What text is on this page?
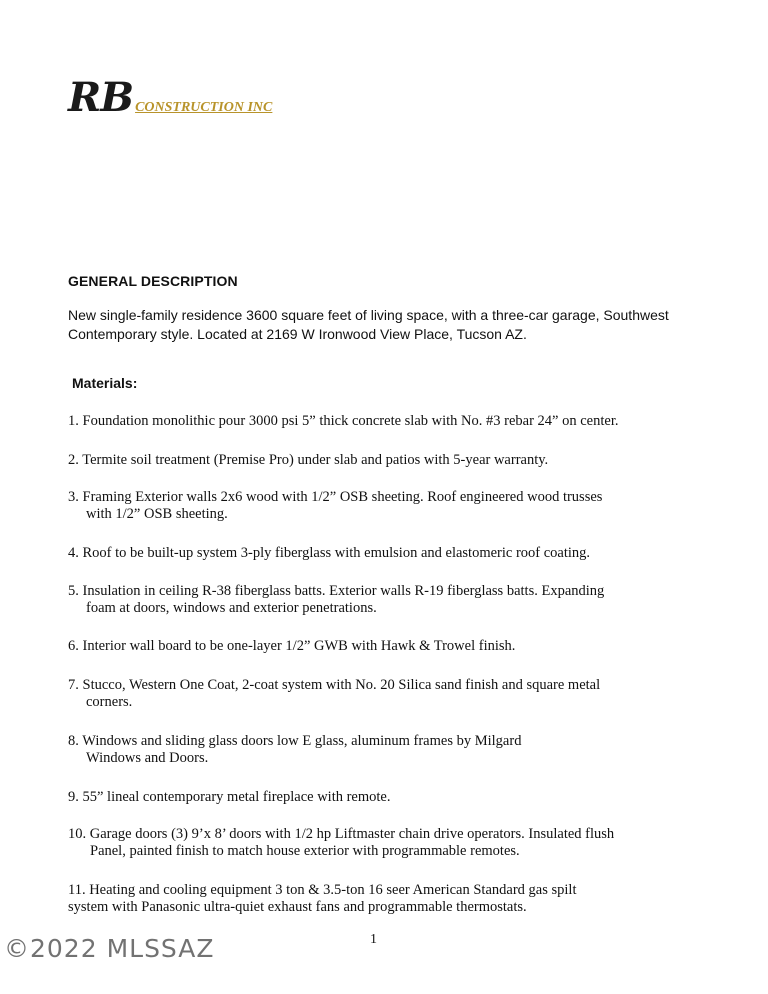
RB CONSTRUCTION INC
GENERAL DESCRIPTION
New single-family residence 3600 square feet of living space, with a three-car garage, Southwest Contemporary style. Located at 2169 W Ironwood View Place, Tucson AZ.
Materials:
1. Foundation monolithic pour 3000 psi 5” thick concrete slab with No. #3 rebar 24” on center.
2. Termite soil treatment (Premise Pro) under slab and patios with 5-year warranty.
3. Framing Exterior walls 2x6 wood with 1/2” OSB sheeting. Roof engineered wood trusses
with 1/2” OSB sheeting.
4. Roof to be built-up system 3-ply fiberglass with emulsion and elastomeric roof coating.
5. Insulation in ceiling R-38 fiberglass batts. Exterior walls R-19 fiberglass batts. Expanding
foam at doors, windows and exterior penetrations.
6. Interior wall board to be one-layer 1/2” GWB with Hawk & Trowel finish.
7. Stucco, Western One Coat, 2-coat system with No. 20 Silica sand finish and square metal
corners.
8. Windows and sliding glass doors low E glass, aluminum frames by Milgard
Windows and Doors.
9. 55” lineal contemporary metal fireplace with remote.
10. Garage doors (3) 9’x 8’ doors with 1/2 hp Liftmaster chain drive operators. Insulated flush
Panel, painted finish to match house exterior with programmable remotes.
11. Heating and cooling equipment 3 ton & 3.5-ton 16 seer American Standard gas spilt
system with Panasonic ultra-quiet exhaust fans and programmable thermostats.
©2022 MLSSAZ	1
